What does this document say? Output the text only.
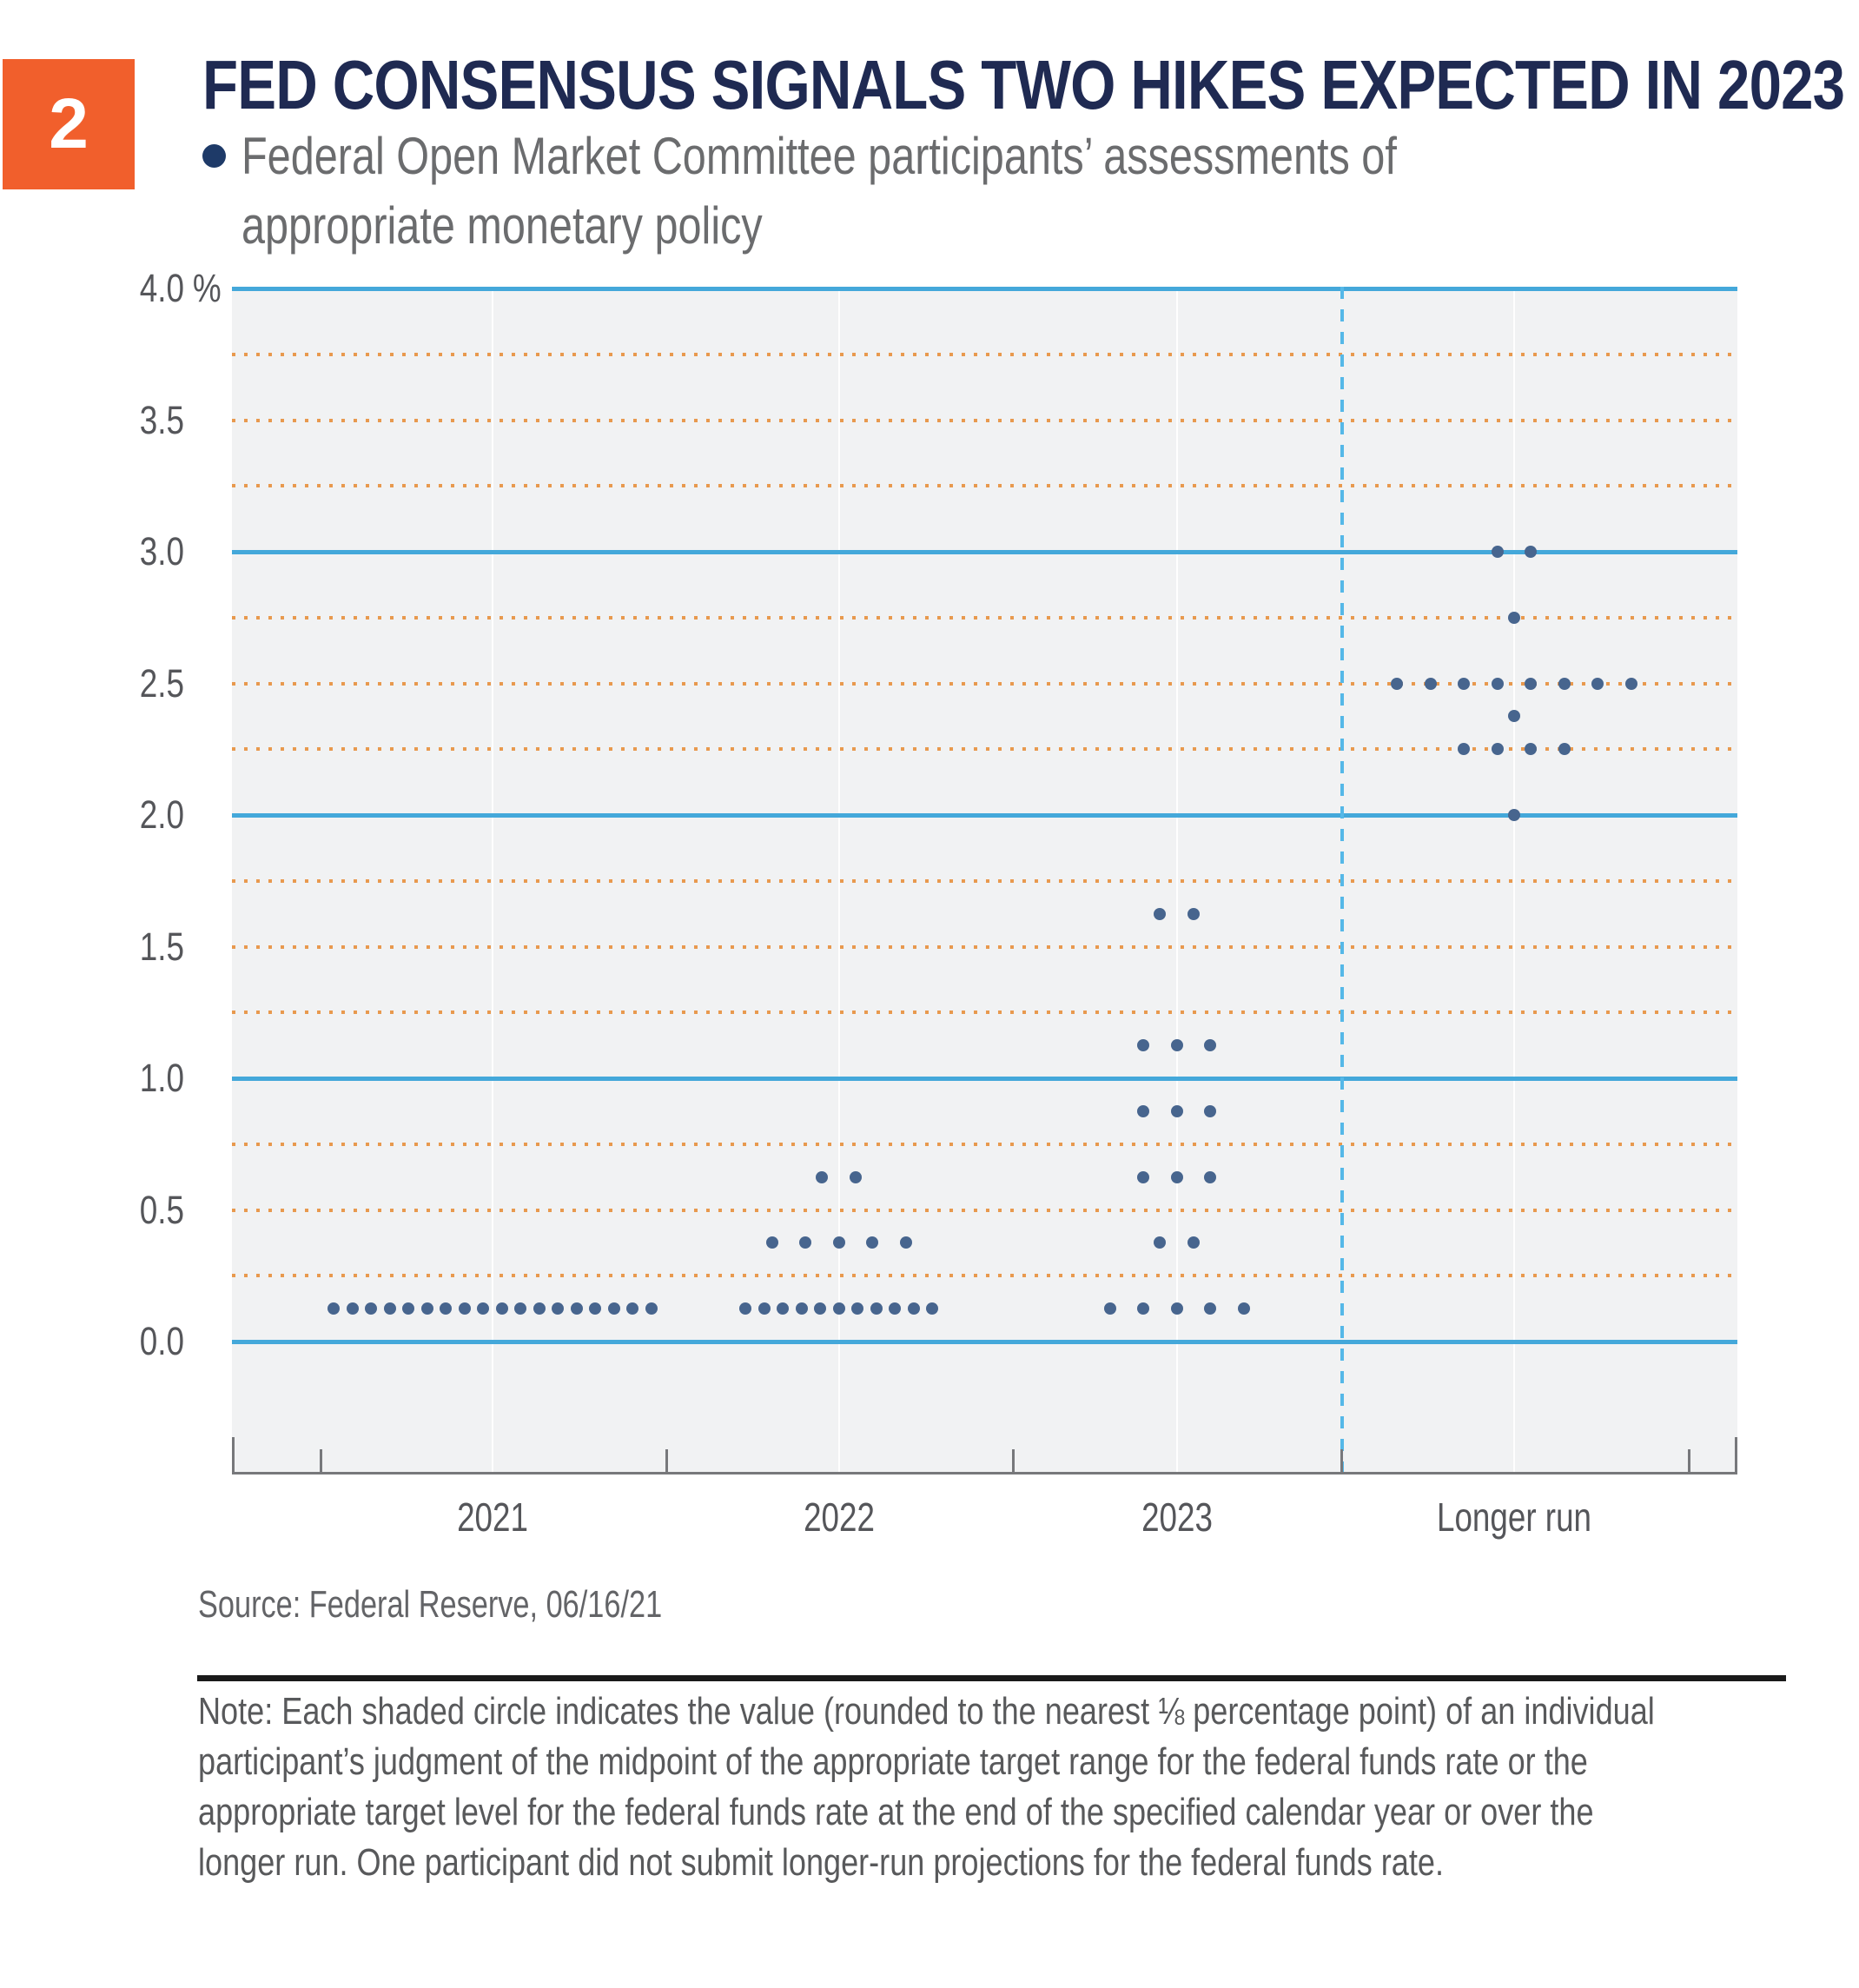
2 FED CONSENSUS SIGNALS TWO HIKES EXPECTED IN 2023
Federal Open Market Committee participants’ assessments of
appropriate monetary policy
4.0 %
3.5
3.0
2.5
2.0
1.5
1.0
0.5
0.0
2021	2022	2023	Longer run
Source: Federal Reserve, 06/16/21
Note: Each shaded circle indicates the value (rounded to the nearest ⅛ percentage point) of an individual
participant’s judgment of the midpoint of the appropriate target range for the federal funds rate or the
appropriate target level for the federal funds rate at the end of the specified calendar year or over the
longer run. One participant did not submit longer-run projections for the federal funds rate.
